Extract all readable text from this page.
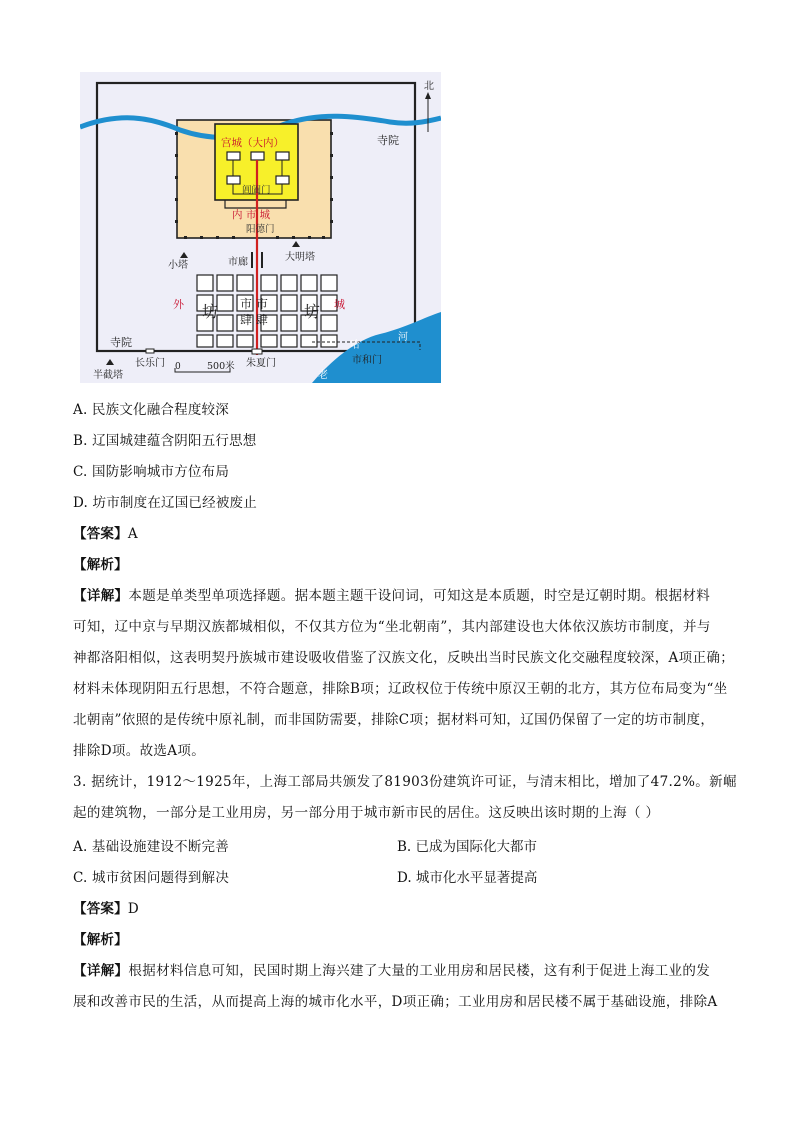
宫城（大内）
阊阖门
内 市 城
阳德门
小塔	市廊	大明塔
外	城
坊	坊
市 市
肆 肆
寺院
寺院
北
长乐门	朱夏门
半截塔
0	500米
哈
河
老
市和门
A. 民族文化融合程度较深
B. 辽国城建蕴含阴阳五行思想
C. 国防影响城市方位布局
D. 坊市制度在辽国已经被废止
【答案】A
【解析】
【详解】本题是单类型单项选择题。据本题主题干设问词，可知这是本质题，时空是辽朝时期。根据材料
可知，辽中京与早期汉族都城相似，不仅其方位为“坐北朝南”，其内部建设也大体依汉族坊市制度，并与
神都洛阳相似，这表明契丹族城市建设吸收借鉴了汉族文化，反映出当时民族文化交融程度较深，A项正确；
材料未体现阴阳五行思想，不符合题意，排除B项；辽政权位于传统中原汉王朝的北方，其方位布局变为“坐
北朝南”依照的是传统中原礼制，而非国防需要，排除C项；据材料可知，辽国仍保留了一定的坊市制度，
排除D项。故选A项。
3. 据统计，1912～1925年，上海工部局共颁发了81903份建筑许可证，与清末相比，增加了47.2%。新崛
起的建筑物，一部分是工业用房，另一部分用于城市新市民的居住。这反映出该时期的上海（ ）
A. 基础设施建设不断完善	B. 已成为国际化大都市
C. 城市贫困问题得到解决	D. 城市化水平显著提高
【答案】D
【解析】
【详解】根据材料信息可知，民国时期上海兴建了大量的工业用房和居民楼，这有利于促进上海工业的发
展和改善市民的生活，从而提高上海的城市化水平，D项正确；工业用房和居民楼不属于基础设施，排除A
